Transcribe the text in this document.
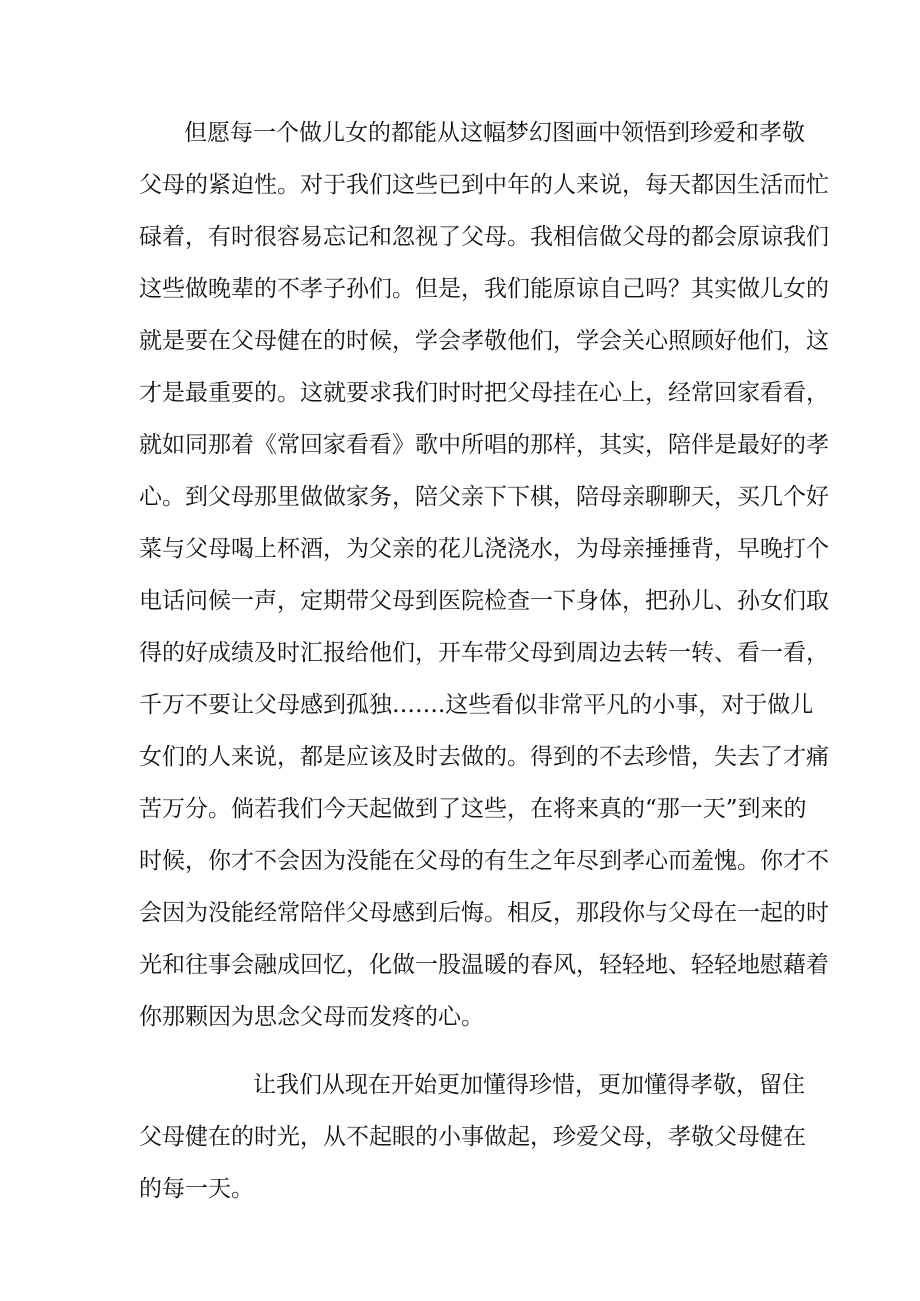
但愿每一个做儿女的都能从这幅梦幻图画中领悟到珍爱和孝敬
父母的紧迫性。对于我们这些已到中年的人来说，每天都因生活而忙
碌着，有时很容易忘记和忽视了父母。我相信做父母的都会原谅我们
这些做晚辈的不孝子孙们。但是，我们能原谅自己吗？其实做儿女的
就是要在父母健在的时候，学会孝敬他们，学会关心照顾好他们，这
才是最重要的。这就要求我们时时把父母挂在心上，经常回家看看，
就如同那着《常回家看看》歌中所唱的那样，其实，陪伴是最好的孝
心。到父母那里做做家务，陪父亲下下棋，陪母亲聊聊天，买几个好
菜与父母喝上杯酒，为父亲的花儿浇浇水，为母亲捶捶背，早晚打个
电话问候一声，定期带父母到医院检查一下身体，把孙儿、孙女们取
得的好成绩及时汇报给他们，开车带父母到周边去转一转、看一看，
千万不要让父母感到孤独…….这些看似非常平凡的小事，对于做儿
女们的人来说，都是应该及时去做的。得到的不去珍惜，失去了才痛
苦万分。倘若我们今天起做到了这些，在将来真的“那一天”到来的
时候，你才不会因为没能在父母的有生之年尽到孝心而羞愧。你才不
会因为没能经常陪伴父母感到后悔。相反，那段你与父母在一起的时
光和往事会融成回忆，化做一股温暖的春风，轻轻地、轻轻地慰藉着
你那颗因为思念父母而发疼的心。
让我们从现在开始更加懂得珍惜，更加懂得孝敬，留住
父母健在的时光，从不起眼的小事做起，珍爱父母，孝敬父母健在
的每一天。
